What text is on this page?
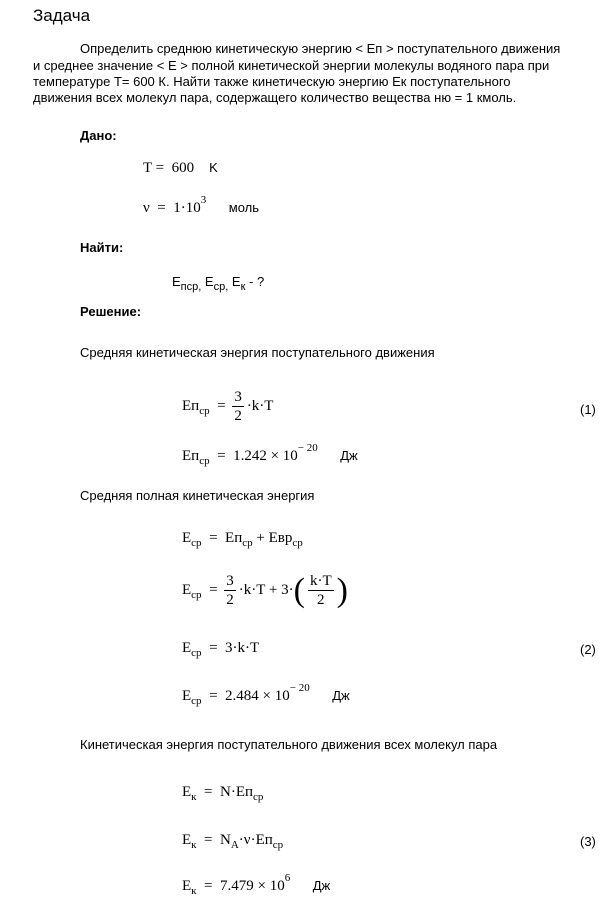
Задача
Определить среднюю кинетическую энергию < Еп > поступательного движения
и среднее значение < Е > полной кинетической энергии молекулы водяного пара при
температуре Т= 600 К. Найти также кинетическую энергию Ек поступательного
движения всех молекул пара, содержащего количество вещества ню = 1 кмоль.
Дано:
T =  600 K
$\nu = 1\cdot 10^3$ моль
Найти:
$E_{пср,}$ $E_{ср,}$ $E_к$ - ?
Решение:
Средняя кинетическая энергия поступательного движения
$Eп_{ср} = \frac{3}{2} \cdot k\cdot T$	(1)
$Eп_{ср} = 1.242 \times 10^{- 20}$ Дж
Средняя полная кинетическая энергия
$E_{ср} = Eп_{ср} + Eвр_{ср}$
$E_{ср} = \frac{3}{2} \cdot k\cdot T + 3\cdot( \frac{k\cdot T}{2}$ )
$E_{ср} = 3\cdot k\cdot T$	(2)
$E_{ср} = 2.484 \times 10^{- 20}$ Дж
Кинетическая энергия поступательного движения всех молекул пара
$E_к = N\cdot Eп_{ср}$
$E_к = N_A\cdot\nu\cdot Eп_{ср}$	(3)
$E_к = 7.479 \times 10^6$ Дж
